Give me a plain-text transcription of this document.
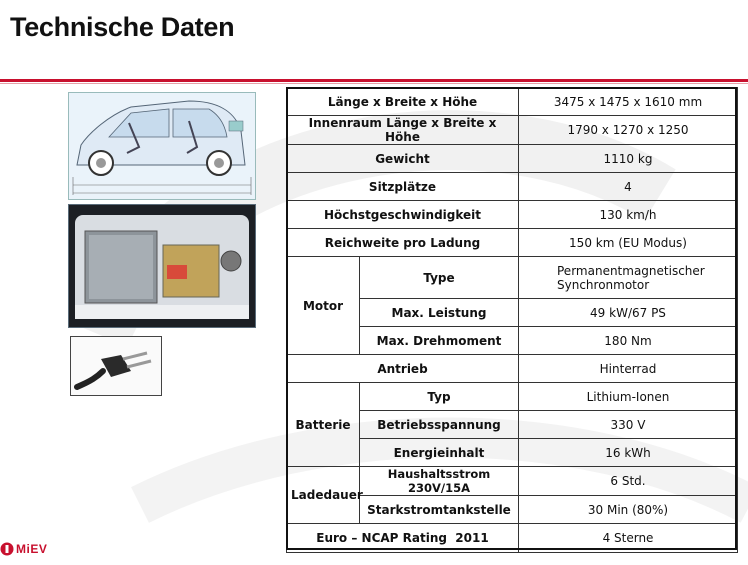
Technische Daten
Länge x Breite x Höhe		3475 x 1475 x 1610 mm
Innenraum Länge x Breite x Höhe		1790 x 1270 x 1250
Gewicht		1110 kg
Sitzplätze		4
Höchstgeschwindigkeit		130 km/h
Reichweite pro Ladung		150 km (EU Modus)
Motor	Type	Permanentmagnetischer Synchronmotor
	Max. Leistung	49 kW/67 PS
	Max. Drehmoment	180 Nm
Antrieb		Hinterrad
Batterie	Typ	Lithium-Ionen
	Betriebsspannung	330 V
	Energieinhalt	16 kWh
Ladedauer	Haushaltsstrom 230V/15A	6 Std.
	Starkstromtankstelle	30 Min (80%)
Euro – NCAP Rating  2011		4 Sterne
MiEV
